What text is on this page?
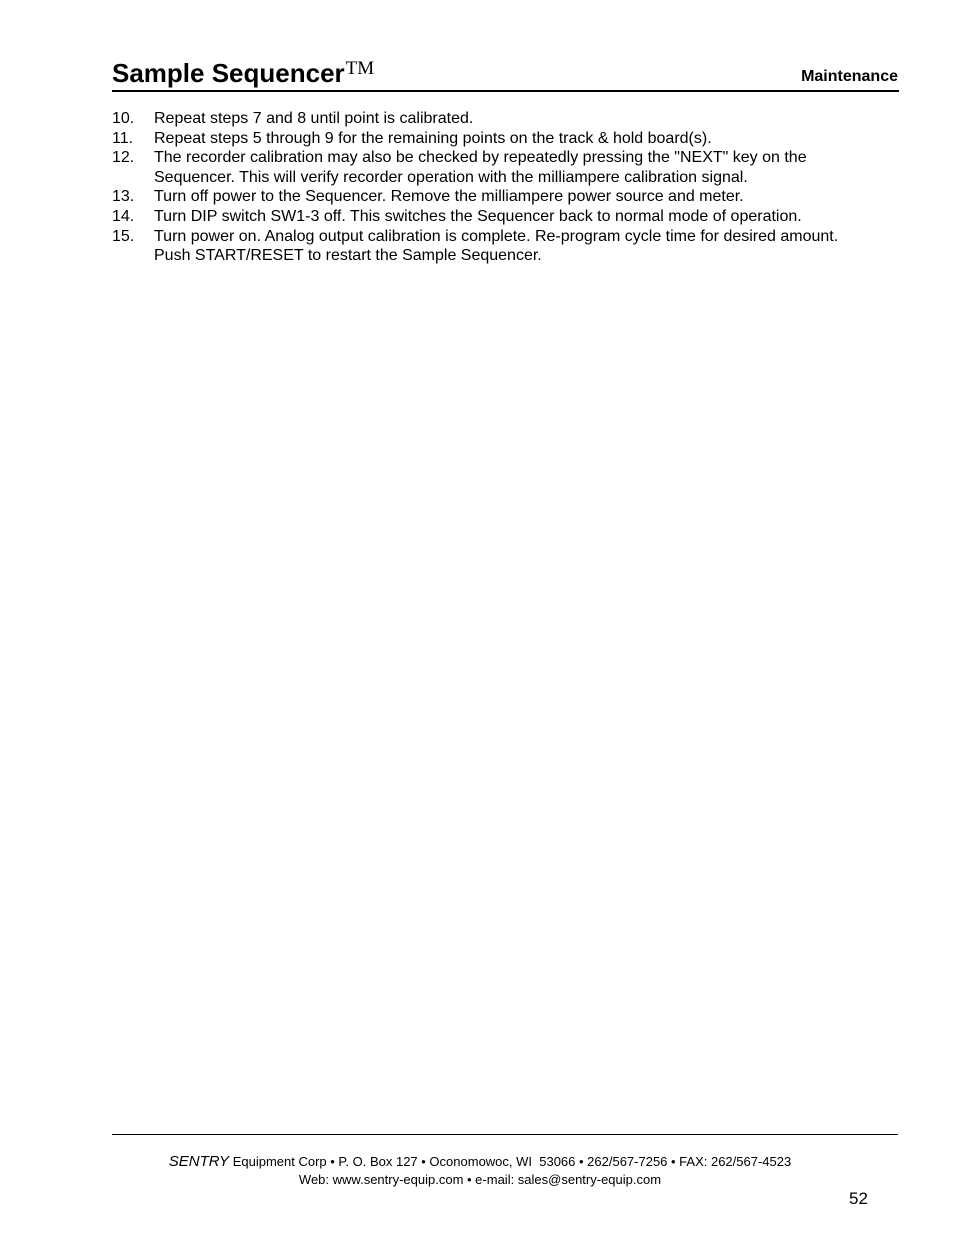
Sample Sequencer™	Maintenance
10.	Repeat steps 7 and 8 until point is calibrated.
11.	Repeat steps 5 through 9 for the remaining points on the track & hold board(s).
12.	The recorder calibration may also be checked by repeatedly pressing the "NEXT" key on the Sequencer. This will verify recorder operation with the milliampere calibration signal.
13.	Turn off power to the Sequencer. Remove the milliampere power source and meter.
14.	Turn DIP switch SW1-3 off. This switches the Sequencer back to normal mode of operation.
15.	Turn power on. Analog output calibration is complete. Re-program cycle time for desired amount. Push START/RESET to restart the Sample Sequencer.
SENTRY Equipment Corp • P. O. Box 127 • Oconomowoc, WI  53066 • 262/567-7256 • FAX: 262/567-4523
Web: www.sentry-equip.com • e-mail: sales@sentry-equip.com
52
